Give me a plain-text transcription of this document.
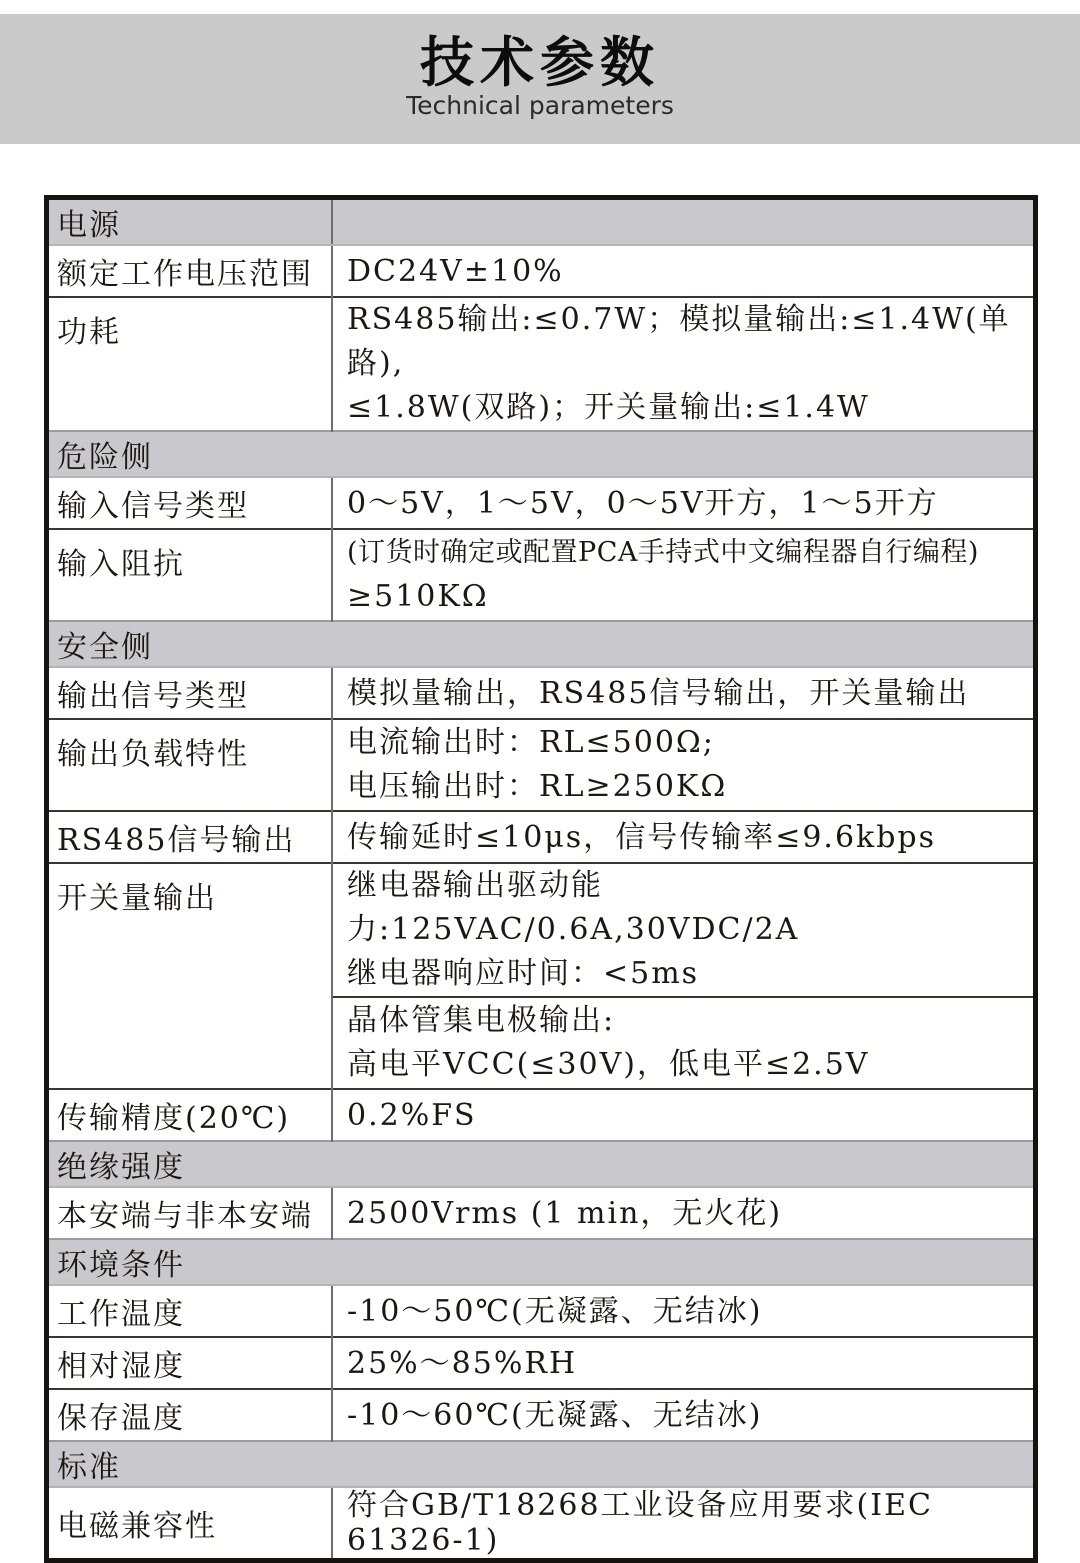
技术参数
Technical parameters
电源	
额定工作电压范围	DC24V±10%
功耗	RS485输出:≤0.7W；模拟量输出:≤1.4W(单路),
≤1.8W(双路)；开关量输出:≤1.4W

危险侧	
输入信号类型	0～5V，1～5V，0～5V开方，1～5开方
输入阻抗	(订货时确定或配置PCA手持式中文编程器自行编程)
≥510KΩ

安全侧	
输出信号类型	模拟量输出，RS485信号输出，开关量输出
输出负载特性	电流输出时：RL≤500Ω;
电压输出时：RL≥250KΩ

RS485信号输出	传输延时≤10μs，信号传输率≤9.6kbps
开关量输出	继电器输出驱动能力:125VAC/0.6A,30VDC/2A
继电器响应时间：<5ms

	晶体管集电极输出:
高电平VCC(≤30V)，低电平≤2.5V

传输精度(20℃)	0.2%FS
绝缘强度	
本安端与非本安端	2500Vrms (1 min，无火花)
环境条件	
工作温度	-10～50℃(无凝露、无结冰)
相对湿度	25%～85%RH
保存温度	-10～60℃(无凝露、无结冰)
标准	
电磁兼容性	符合GB/T18268工业设备应用要求(IEC 61326-1)
